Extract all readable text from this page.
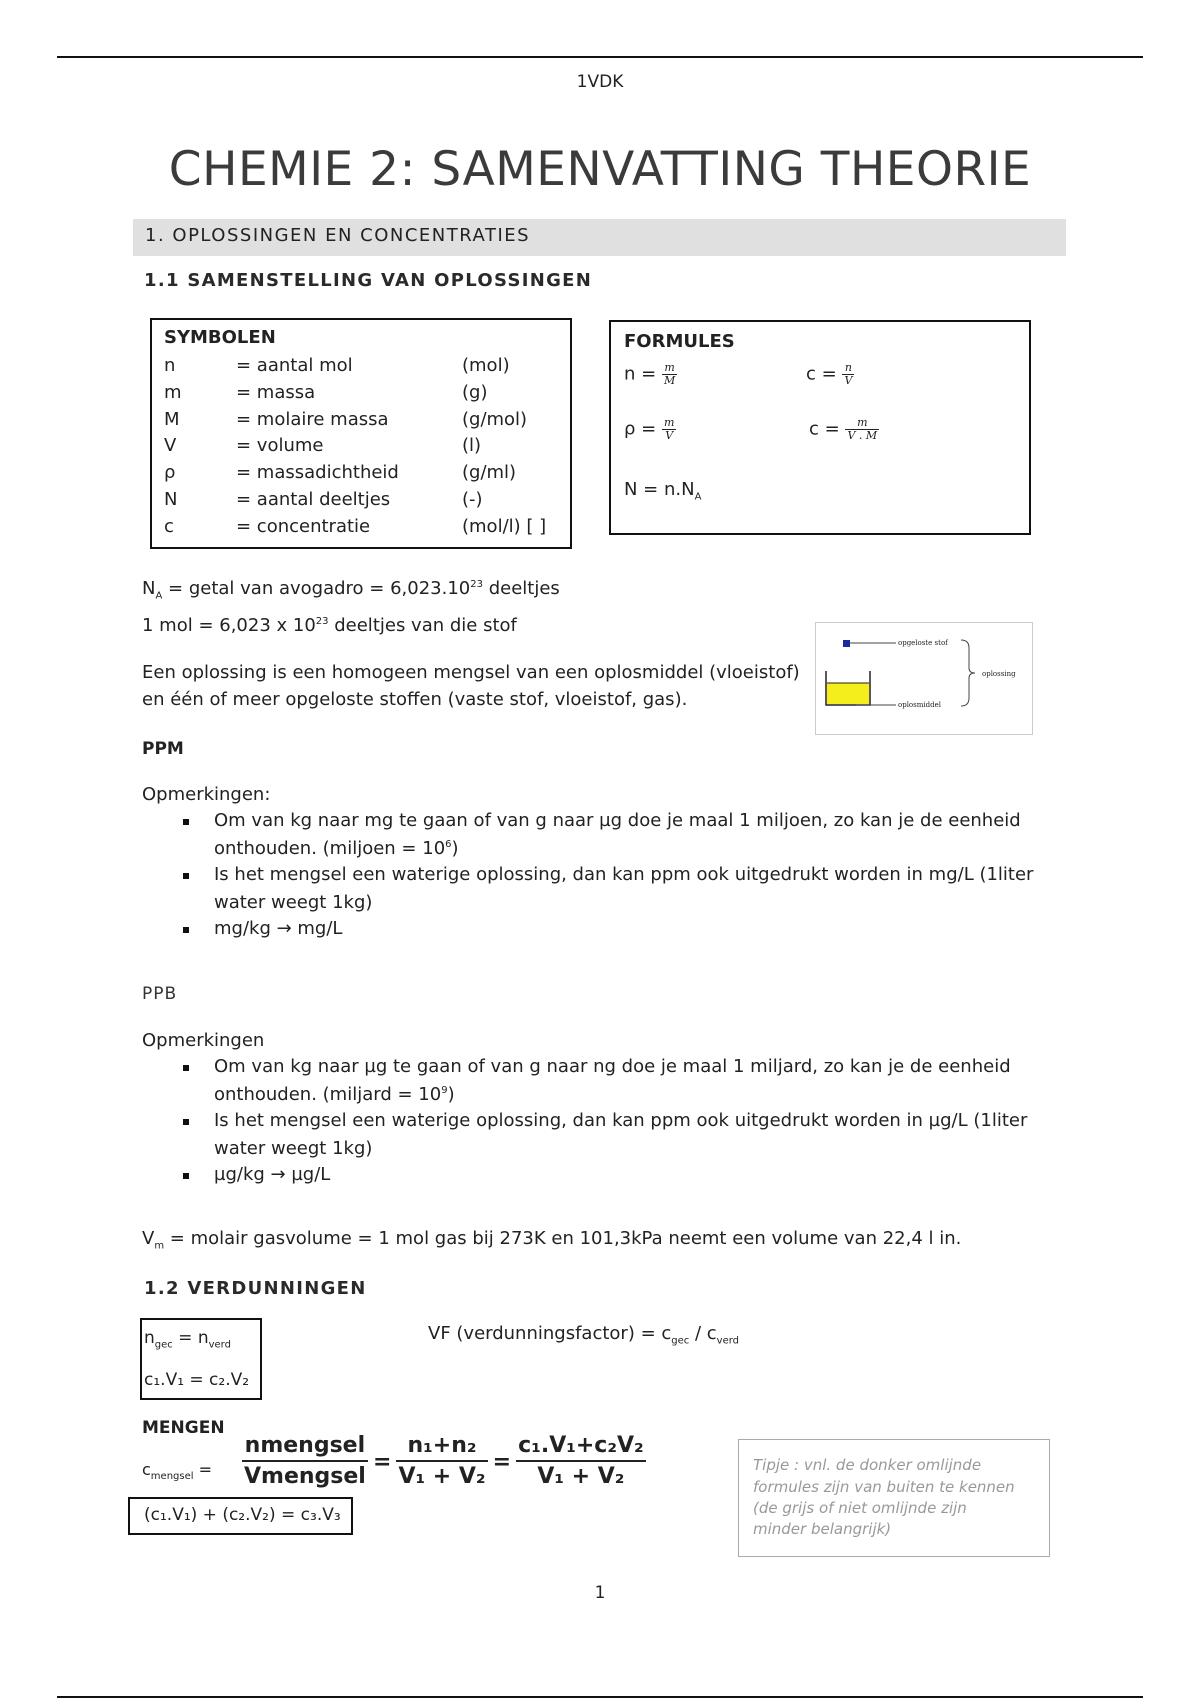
1VDK
CHEMIE 2: SAMENVATTING THEORIE
1. OPLOSSINGEN EN CONCENTRATIES
1.1 SAMENSTELLING VAN OPLOSSINGEN
SYMBOLEN
n	= aantal mol	(mol)
m	= massa	(g)
M	= molaire massa	(g/mol)
V	= volume	(l)
ρ	= massadichtheid	(g/ml)
N	= aantal deeltjes	(-)
c	= concentratie	(mol/l) [ ]
FORMULES
$n = \frac{m}{M}$	$c = \frac{n}{V}$
$\rho = \frac{m}{V}$	$c = \frac{m}{V . M}$
$N = n.N_A$
$N_A$ = getal van avogadro = $6,023.10^{23}$ deeltjes
1 mol = 6,023 x $10^{23}$ deeltjes van die stof
Een oplossing is een homogeen mengsel van een oplosmiddel (vloeistof)
en één of meer opgeloste stoffen (vaste stof, vloeistof, gas).
opgeloste stof
oplosmiddel
oplossing
PPM
Opmerkingen:
Om van kg naar mg te gaan of van g naar µg doe je maal 1 miljoen, zo kan je de eenheid
onthouden. (miljoen = $10^6$)
Is het mengsel een waterige oplossing, dan kan ppm ook uitgedrukt worden in mg/L (1liter
water weegt 1kg)
mg/kg → mg/L
PPB
Opmerkingen
Om van kg naar µg te gaan of van g naar ng doe je maal 1 miljard, zo kan je de eenheid
onthouden. (miljard = $10^9$)
Is het mengsel een waterige oplossing, dan kan ppm ook uitgedrukt worden in µg/L (1liter
water weegt 1kg)
µg/kg → µg/L
$V_m$ = molair gasvolume = 1 mol gas bij 273K en 101,3kPa neemt een volume van 22,4 l in.
1.2 VERDUNNINGEN
$n_{gec} = n_{verd}$
c₁.V₁ = c₂.V₂
VF (verdunningsfactor) = $c_{gec} / c_{verd}$
MENGEN
$c_{mengsel}$ =
nmengsel
Vmengsel
= $\frac{\text{n₁+n₂}}{\text{V₁ + V₂}} = \frac{\text{c₁.V₁+c₂V₂}}{\text{V₁ + V₂}}$
(c₁.V₁) + (c₂.V₂) = c₃.V₃
Tipje : vnl. de donker omlijnde
formules zijn van buiten te kennen
(de grijs of niet omlijnde zijn
minder belangrijk)
1
